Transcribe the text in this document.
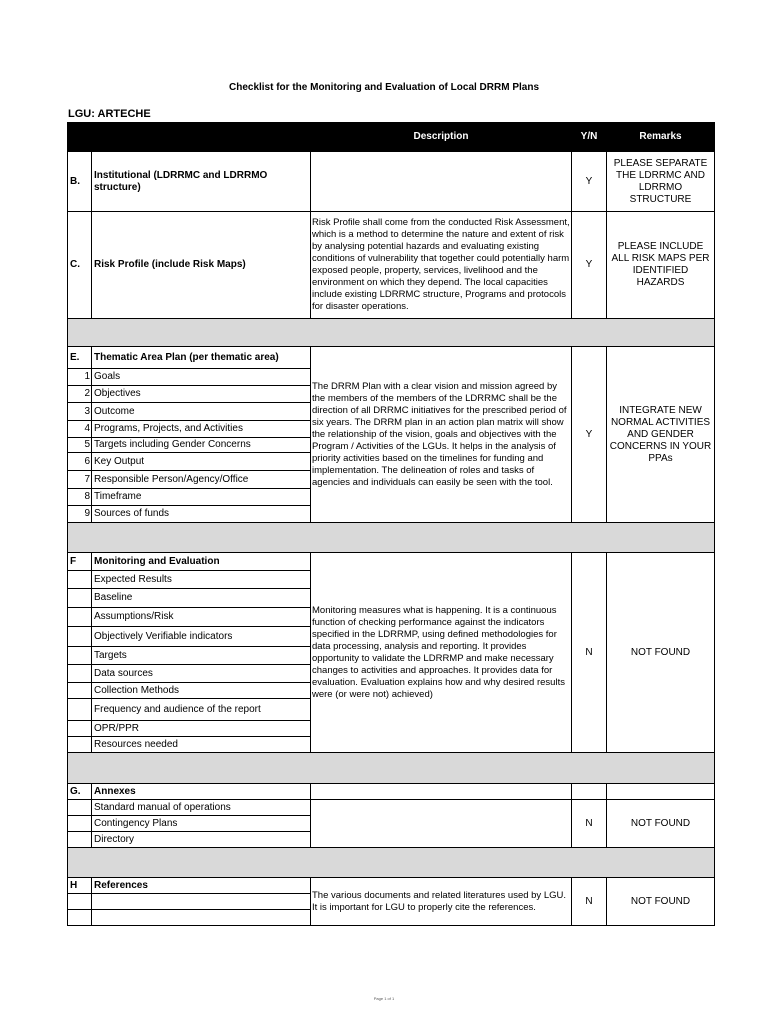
Checklist for the Monitoring and Evaluation of Local DRRM Plans
LGU: ARTECHE
		Description	Y/N	Remarks
B.	Institutional (LDRRMC and LDRRMO structure)		Y	PLEASE SEPARATE THE LDRRMC AND LDRRMO STRUCTURE
C.	Risk Profile (include Risk Maps)	Risk Profile shall come from the conducted Risk Assessment, which is a method to determine the nature and extent of risk by analysing potential hazards and evaluating existing conditions of vulnerability that together could potentially harm exposed people, property, services, livelihood and the environment on which they depend. The local capacities include existing LDRRMC structure, Programs and protocols for disaster operations.	Y	PLEASE INCLUDE ALL RISK MAPS PER IDENTIFIED HAZARDS

E.	Thematic Area Plan (per thematic area)	The DRRM Plan with a clear vision and mission agreed by the members of the members of the LDRRMC shall be the direction of all DRRMC initiatives for the prescribed period of six years. The DRRM plan in an action plan matrix will show the relationship of the vision, goals and objectives with the Program / Activities of the LGUs. It helps in the analysis of priority activities based on the timelines for funding and implementation. The delineation of roles and tasks of agencies and individuals can easily be seen with the tool.	Y	INTEGRATE NEW NORMAL ACTIVITIES AND GENDER CONCERNS IN YOUR PPAs
1	Goals			
2	Objectives			
3	Outcome			
4	Programs, Projects, and Activities			
5	Targets including Gender Concerns			
6	Key Output			
7	Responsible Person/Agency/Office			
8	Timeframe			
9	Sources of funds			

F	Monitoring and Evaluation	Monitoring measures what is happening. It is a continuous function of checking performance against the indicators specified in the LDRRMP, using defined methodologies for data processing, analysis and reporting. It provides opportunity to validate the LDRRMP and make necessary changes to activities and approaches. It provides data for evaluation. Evaluation explains how and why desired results were (or were not) achieved)	N	NOT FOUND
	Expected Results			
	Baseline			
	Assumptions/Risk			
	Objectively Verifiable indicators			
	Targets			
	Data sources			
	Collection Methods			
	Frequency and audience of the report			
	OPR/PPR			
	Resources needed			

G.	Annexes			
	Standard manual of operations		N	NOT FOUND
	Contingency Plans			
	Directory			

H	References	The various documents and related literatures used by LGU. It is important for LGU to properly cite the references.	N	NOT FOUND

Page 1 of 1
